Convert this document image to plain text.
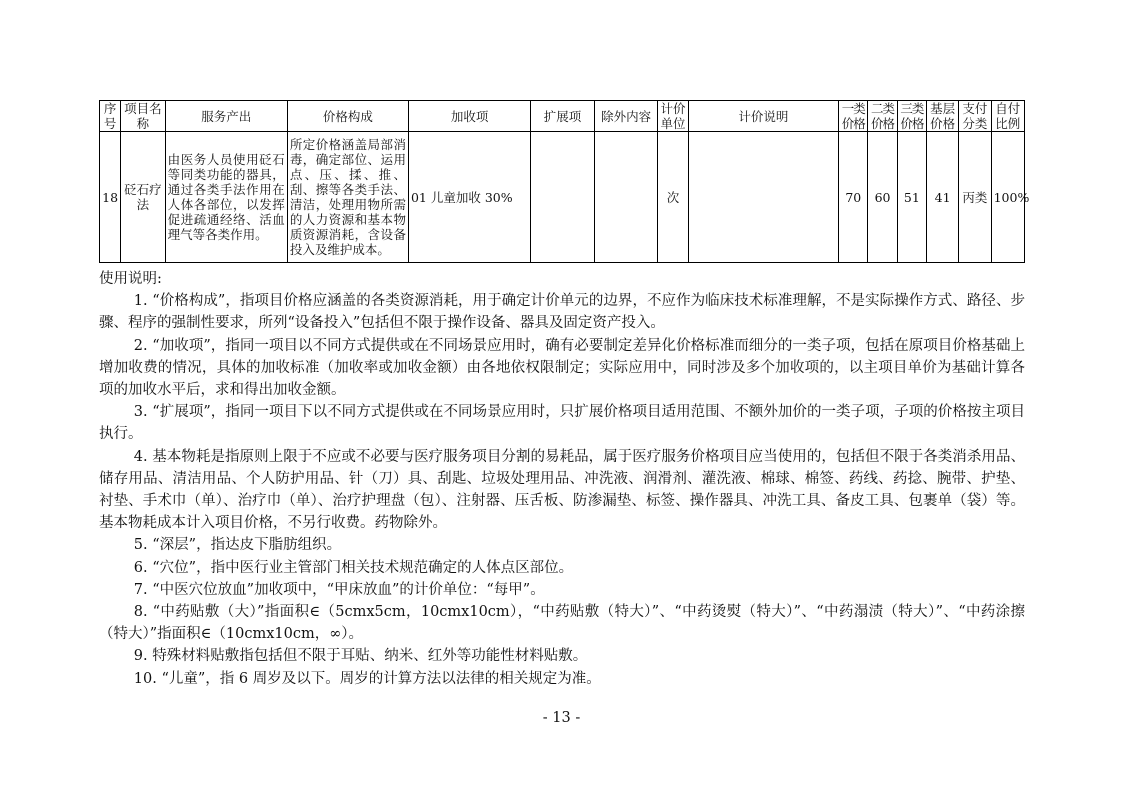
序号	项目名称	服务产出	价格构成	加收项	扩展项	除外内容	计价单位	计价说明	一类价格	二类价格	三类价格	基层价格	支付分类	自付比例
18	砭石疗法	由医务人员使用砭石等同类功能的器具，通过各类手法作用在人体各部位，以发挥促进疏通经络、活血理气等各类作用。	所定价格涵盖局部消毒，确定部位、运用点、压、揉、推、刮、擦等各类手法、清洁，处理用物所需的人力资源和基本物质资源消耗，含设备投入及维护成本。	01 儿童加收 30%			次		70	60	51	41	丙类	100%

使用说明:

1. “价格构成”，指项目价格应涵盖的各类资源消耗，用于确定计价单元的边界，不应作为临床技术标准理解，不是实际操作方式、路径、步骤、程序的强制性要求，所列“设备投入”包括但不限于操作设备、器具及固定资产投入。

2. “加收项”，指同一项目以不同方式提供或在不同场景应用时，确有必要制定差异化价格标准而细分的一类子项，包括在原项目价格基础上增加收费的情况，具体的加收标准（加收率或加收金额）由各地依权限制定；实际应用中，同时涉及多个加收项的，以主项目单价为基础计算各项的加收水平后，求和得出加收金额。

3. “扩展项”，指同一项目下以不同方式提供或在不同场景应用时，只扩展价格项目适用范围、不额外加价的一类子项，子项的价格按主项目执行。

4. 基本物耗是指原则上限于不应或不必要与医疗服务项目分割的易耗品，属于医疗服务价格项目应当使用的，包括但不限于各类消杀用品、储存用品、清洁用品、个人防护用品、针（刀）具、刮匙、垃圾处理用品、冲洗液、润滑剂、灌洗液、棉球、棉签、药线、药捻、腕带、护垫、衬垫、手术巾（单）、治疗巾（单）、治疗护理盘（包）、注射器、压舌板、防渗漏垫、标签、操作器具、冲洗工具、备皮工具、包裹单（袋）等。基本物耗成本计入项目价格，不另行收费。药物除外。

5. “深层”，指达皮下脂肪组织。

6. “穴位”，指中医行业主管部门相关技术规范确定的人体点区部位。

7. “中医穴位放血”加收项中，“甲床放血”的计价单位：“每甲”。

8. “中药贴敷（大）”指面积∈（5cmx5cm，10cmx10cm），“中药贴敷（特大）”、“中药烫熨（特大）”、“中药溻渍（特大）”、“中药涂擦（特大）”指面积∈（10cmx10cm，∞）。

9. 特殊材料贴敷指包括但不限于耳贴、纳米、红外等功能性材料贴敷。

10. “儿童”，指 6 周岁及以下。周岁的计算方法以法律的相关规定为准。

- 13 -
